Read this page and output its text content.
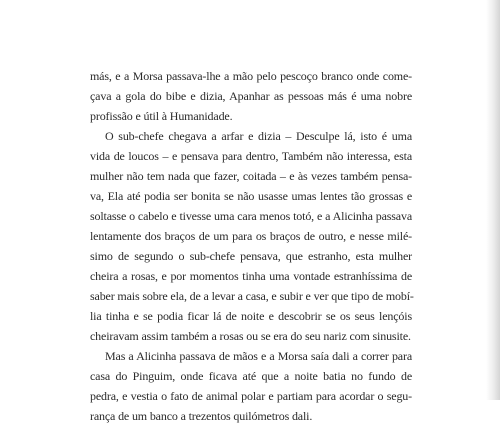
más, e a Morsa passava-lhe a mão pelo pescoço branco onde come-
çava a gola do bibe e dizia, Apanhar as pessoas más é uma nobre
profissão e útil à Humanidade.
O sub-chefe chegava a arfar e dizia – Desculpe lá, isto é uma
vida de loucos – e pensava para dentro, Também não interessa, esta
mulher não tem nada que fazer, coitada – e às vezes também pensa-
va, Ela até podia ser bonita se não usasse umas lentes tão grossas e
soltasse o cabelo e tivesse uma cara menos totó, e a Alicinha passava
lentamente dos braços de um para os braços de outro, e nesse milé-
simo de segundo o sub-chefe pensava, que estranho, esta mulher
cheira a rosas, e por momentos tinha uma vontade estranhíssima de
saber mais sobre ela, de a levar a casa, e subir e ver que tipo de mobí-
lia tinha e se podia ficar lá de noite e descobrir se os seus lençóis
cheiravam assim também a rosas ou se era do seu nariz com sinusite.
Mas a Alicinha passava de mãos e a Morsa saía dali a correr para
casa do Pinguim, onde ficava até que a noite batia no fundo de
pedra, e vestia o fato de animal polar e partiam para acordar o segu-
rança de um banco a trezentos quilómetros dali.
